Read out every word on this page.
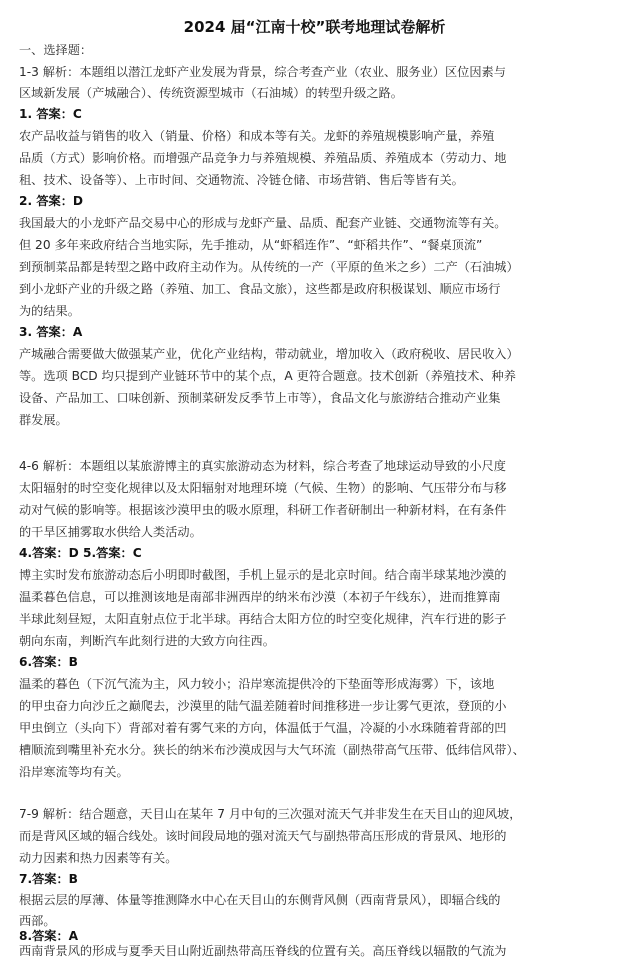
2024 届“江南十校”联考地理试卷解析
一、选择题：
1-3 解析：本题组以潜江龙虾产业发展为背景，综合考查产业（农业、服务业）区位因素与
区域新发展（产城融合）、传统资源型城市（石油城）的转型升级之路。
1. 答案：C
农产品收益与销售的收入（销量、价格）和成本等有关。龙虾的养殖规模影响产量，养殖
品质（方式）影响价格。而增强产品竞争力与养殖规模、养殖品质、养殖成本（劳动力、地
租、技术、设备等）、上市时间、交通物流、冷链仓储、市场营销、售后等皆有关。
2. 答案：D
我国最大的小龙虾产品交易中心的形成与龙虾产量、品质、配套产业链、交通物流等有关。
但 20 多年来政府结合当地实际，先手推动，从“虾稻连作”、“虾稻共作”、“餐桌顶流”
到预制菜品都是转型之路中政府主动作为。从传统的一产（平原的鱼米之乡）二产（石油城）
到小龙虾产业的升级之路（养殖、加工、食品文旅），这些都是政府积极谋划、顺应市场行
为的结果。
3. 答案：A
产城融合需要做大做强某产业，优化产业结构，带动就业，增加收入（政府税收、居民收入）
等。选项 BCD 均只提到产业链环节中的某个点，A 更符合题意。技术创新（养殖技术、种养
设备、产品加工、口味创新、预制菜研发反季节上市等），食品文化与旅游结合推动产业集
群发展。
4-6 解析：本题组以某旅游博主的真实旅游动态为材料，综合考查了地球运动导致的小尺度
太阳辐射的时空变化规律以及太阳辐射对地理环境（气候、生物）的影响、气压带分布与移
动对气候的影响等。根据该沙漠甲虫的吸水原理，科研工作者研制出一种新材料，在有条件
的干旱区捕雾取水供给人类活动。
4.答案：D 5.答案：C
博主实时发布旅游动态后小明即时截图，手机上显示的是北京时间。结合南半球某地沙漠的
温柔暮色信息，可以推测该地是南部非洲西岸的纳米布沙漠（本初子午线东），进而推算南
半球此刻昼短，太阳直射点位于北半球。再结合太阳方位的时空变化规律，汽车行进的影子
朝向东南，判断汽车此刻行进的大致方向往西。
6.答案：B
温柔的暮色（下沉气流为主，风力较小；沿岸寒流提供冷的下垫面等形成海雾）下，该地
的甲虫奋力向沙丘之巅爬去，沙漠里的陆气温差随着时间推移进一步让雾气更浓，登顶的小
甲虫倒立（头向下）背部对着有雾气来的方向，体温低于气温，冷凝的小水珠随着背部的凹
槽顺流到嘴里补充水分。狭长的纳米布沙漠成因与大气环流（副热带高气压带、低纬信风带）、
沿岸寒流等均有关。
7-9 解析：结合题意，天目山在某年 7 月中旬的三次强对流天气并非发生在天目山的迎风坡，
而是背风区域的辐合线处。该时间段局地的强对流天气与副热带高压形成的背景风、地形的
动力因素和热力因素等有关。
7.答案：B
根据云层的厚薄、体量等推测降水中心在天目山的东侧背风侧（西南背景风），即辐合线的
西部。
8.答案：A
西南背景风的形成与夏季天目山附近副热带高压脊线的位置有关。高压脊线以辐散的气流为
